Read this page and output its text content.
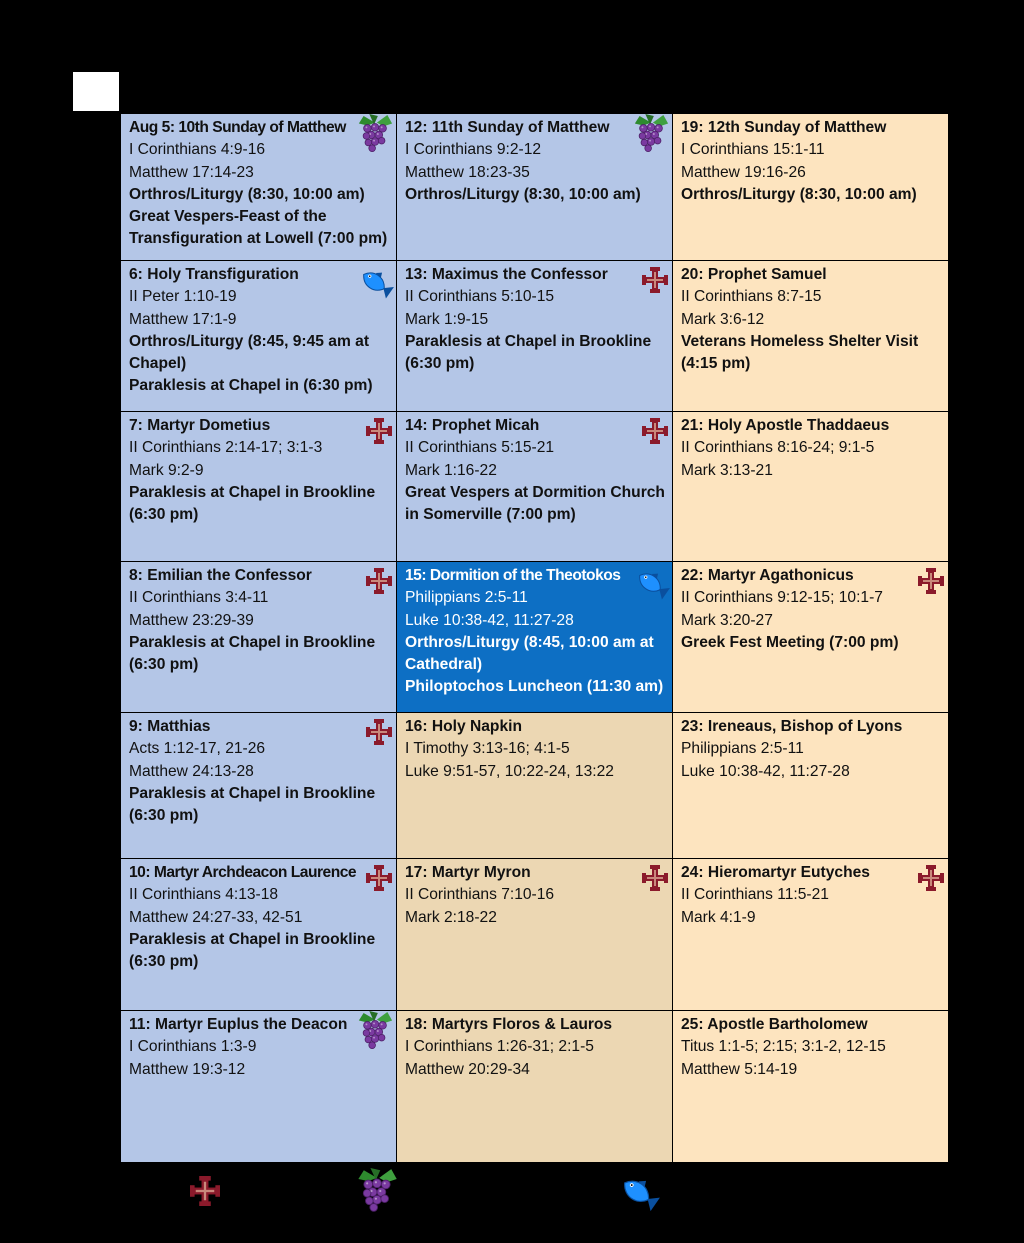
Aug 5: 10th Sunday of Matthew
I Corinthians 4:9-16
Matthew 17:14-23
Orthros/Liturgy (8:30, 10:00 am)
Great Vespers-Feast of the Transfiguration at Lowell (7:00 pm)
12: 11th Sunday of Matthew
I Corinthians 9:2-12
Matthew 18:23-35
Orthros/Liturgy (8:30, 10:00 am)
19: 12th Sunday of Matthew
I Corinthians 15:1-11
Matthew 19:16-26
Orthros/Liturgy (8:30, 10:00 am)
6: Holy Transfiguration
II Peter 1:10-19
Matthew 17:1-9
Orthros/Liturgy (8:45, 9:45 am at Chapel)
Paraklesis at Chapel in (6:30 pm)
13: Maximus the Confessor
II Corinthians 5:10-15
Mark 1:9-15
Paraklesis at Chapel in Brookline (6:30 pm)
20: Prophet Samuel
II Corinthians 8:7-15
Mark 3:6-12
Veterans Homeless Shelter Visit (4:15 pm)
7: Martyr Dometius
II Corinthians 2:14-17; 3:1-3
Mark 9:2-9
Paraklesis at Chapel in Brookline (6:30 pm)
14: Prophet Micah
II Corinthians 5:15-21
Mark 1:16-22
Great Vespers at Dormition Church in Somerville (7:00 pm)
21: Holy Apostle Thaddaeus
II Corinthians 8:16-24; 9:1-5
Mark 3:13-21
8: Emilian the Confessor
II Corinthians 3:4-11
Matthew 23:29-39
Paraklesis at Chapel in Brookline (6:30 pm)
15: Dormition of the Theotokos
Philippians 2:5-11
Luke 10:38-42, 11:27-28
Orthros/Liturgy (8:45, 10:00 am at Cathedral)
Philoptochos Luncheon (11:30 am)
22: Martyr Agathonicus
II Corinthians 9:12-15; 10:1-7
Mark 3:20-27
Greek Fest Meeting (7:00 pm)
9: Matthias
Acts 1:12-17, 21-26
Matthew 24:13-28
Paraklesis at Chapel in Brookline (6:30 pm)
16: Holy Napkin
I Timothy 3:13-16; 4:1-5
Luke 9:51-57, 10:22-24, 13:22
23: Ireneaus, Bishop of Lyons
Philippians 2:5-11
Luke 10:38-42, 11:27-28
10: Martyr Archdeacon Laurence
II Corinthians 4:13-18
Matthew 24:27-33, 42-51
Paraklesis at Chapel in Brookline (6:30 pm)
17: Martyr Myron
II Corinthians 7:10-16
Mark 2:18-22
24: Hieromartyr Eutyches
II Corinthians 11:5-21
Mark 4:1-9
11: Martyr Euplus the Deacon
I Corinthians 1:3-9
Matthew 19:3-12
18: Martyrs Floros & Lauros
I Corinthians 1:26-31; 2:1-5
Matthew 20:29-34
25: Apostle Bartholomew
Titus 1:1-5; 2:15; 3:1-2, 12-15
Matthew 5:14-19
